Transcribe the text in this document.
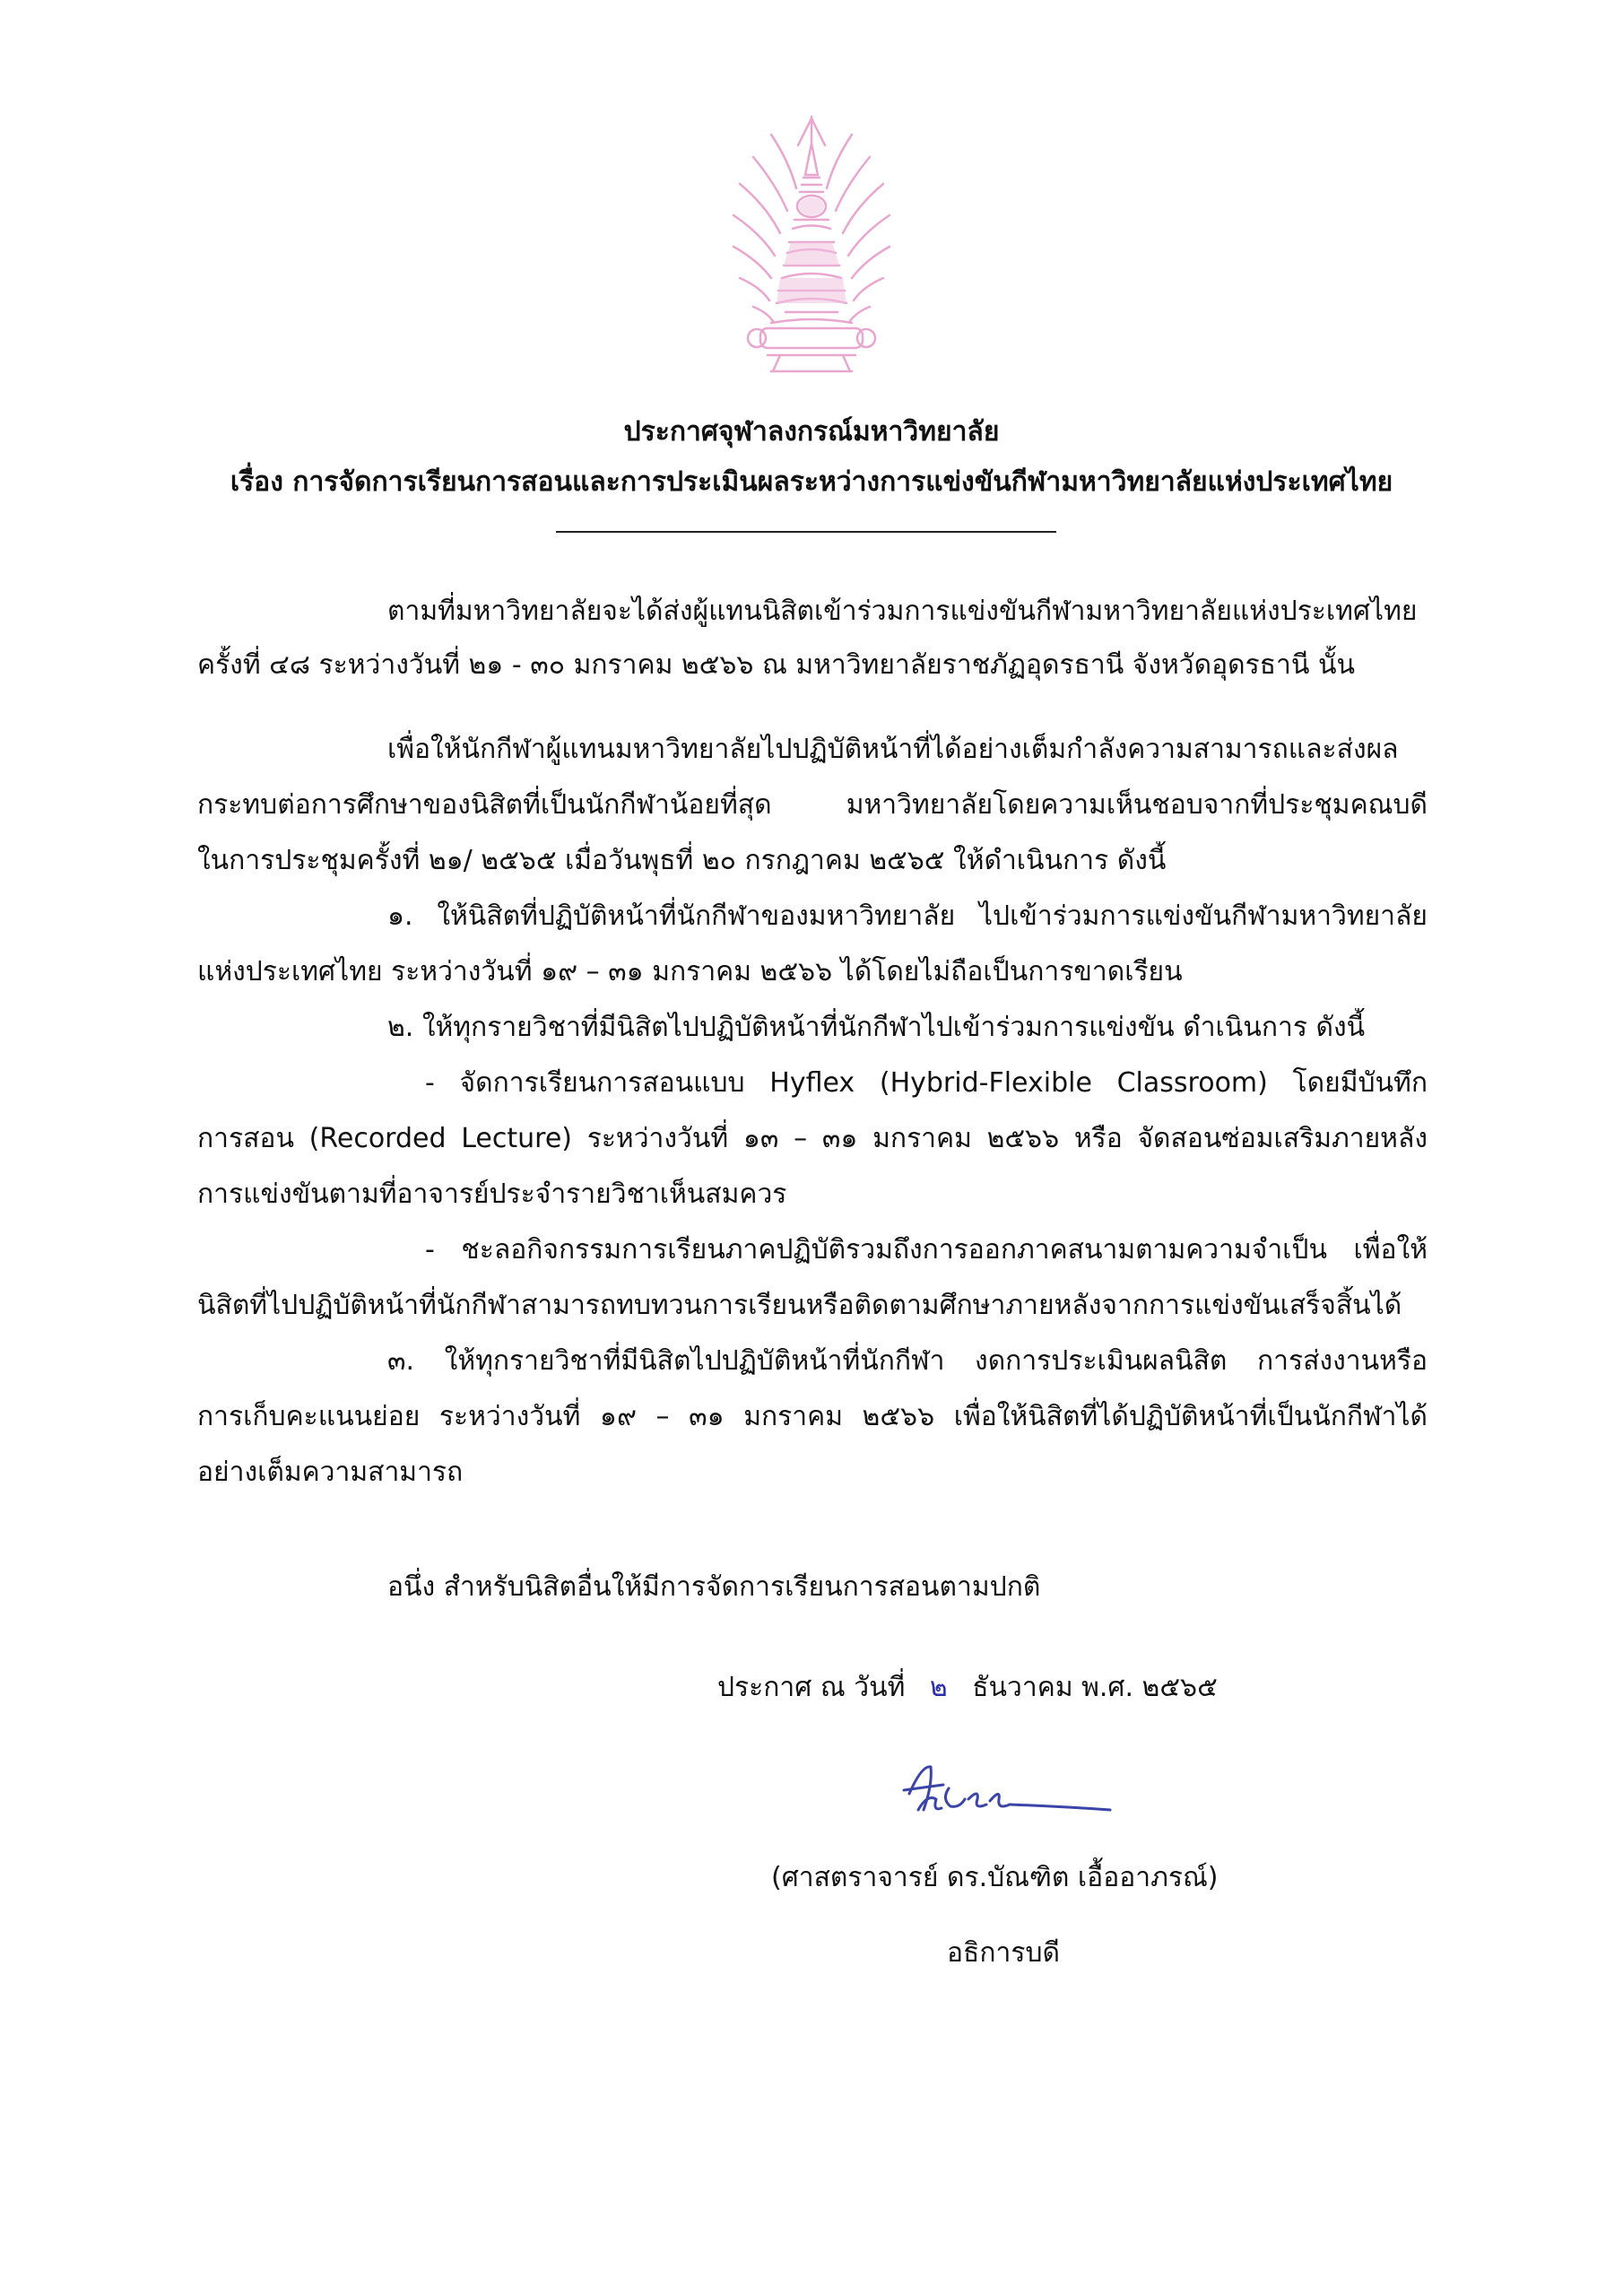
ประกาศจุฬาลงกรณ์มหาวิทยาลัย
เรื่อง การจัดการเรียนการสอนและการประเมินผลระหว่างการแข่งขันกีฬามหาวิทยาลัยแห่งประเทศไทย
ตามที่มหาวิทยาลัยจะได้ส่งผู้แทนนิสิตเข้าร่วมการแข่งขันกีฬามหาวิทยาลัยแห่งประเทศไทย
ครั้งที่ ๔๘ ระหว่างวันที่ ๒๑ - ๓๐ มกราคม ๒๕๖๖ ณ มหาวิทยาลัยราชภัฏอุดรธานี จังหวัดอุดรธานี นั้น
เพื่อให้นักกีฬาผู้แทนมหาวิทยาลัยไปปฏิบัติหน้าที่ได้อย่างเต็มกำลังความสามารถและส่งผล
กระทบต่อการศึกษาของนิสิตที่เป็นนักกีฬาน้อยที่สุด มหาวิทยาลัยโดยความเห็นชอบจากที่ประชุมคณบดี
ในการประชุมครั้งที่ ๒๑/ ๒๕๖๕ เมื่อวันพุธที่ ๒๐ กรกฎาคม ๒๕๖๕ ให้ดำเนินการ ดังนี้
๑. ให้นิสิตที่ปฏิบัติหน้าที่นักกีฬาของมหาวิทยาลัย ไปเข้าร่วมการแข่งขันกีฬามหาวิทยาลัย
แห่งประเทศไทย ระหว่างวันที่ ๑๙ – ๓๑ มกราคม ๒๕๖๖ ได้โดยไม่ถือเป็นการขาดเรียน
๒. ให้ทุกรายวิชาที่มีนิสิตไปปฏิบัติหน้าที่นักกีฬาไปเข้าร่วมการแข่งขัน ดำเนินการ ดังนี้
- จัดการเรียนการสอนแบบ Hyflex (Hybrid-Flexible Classroom) โดยมีบันทึก
การสอน (Recorded Lecture) ระหว่างวันที่ ๑๓ – ๓๑ มกราคม ๒๕๖๖ หรือ จัดสอนซ่อมเสริมภายหลัง
การแข่งขันตามที่อาจารย์ประจำรายวิชาเห็นสมควร
- ชะลอกิจกรรมการเรียนภาคปฏิบัติรวมถึงการออกภาคสนามตามความจำเป็น เพื่อให้
นิสิตที่ไปปฏิบัติหน้าที่นักกีฬาสามารถทบทวนการเรียนหรือติดตามศึกษาภายหลังจากการแข่งขันเสร็จสิ้นได้
๓. ให้ทุกรายวิชาที่มีนิสิตไปปฏิบัติหน้าที่นักกีฬา งดการประเมินผลนิสิต การส่งงานหรือ
การเก็บคะแนนย่อย ระหว่างวันที่ ๑๙ – ๓๑ มกราคม ๒๕๖๖ เพื่อให้นิสิตที่ได้ปฏิบัติหน้าที่เป็นนักกีฬาได้
อย่างเต็มความสามารถ
อนึ่ง สำหรับนิสิตอื่นให้มีการจัดการเรียนการสอนตามปกติ
ประกาศ ณ วันที่ ๒ ธันวาคม พ.ศ. ๒๕๖๕
(ศาสตราจารย์ ดร.บัณฑิต เอื้ออาภรณ์)
อธิการบดี
